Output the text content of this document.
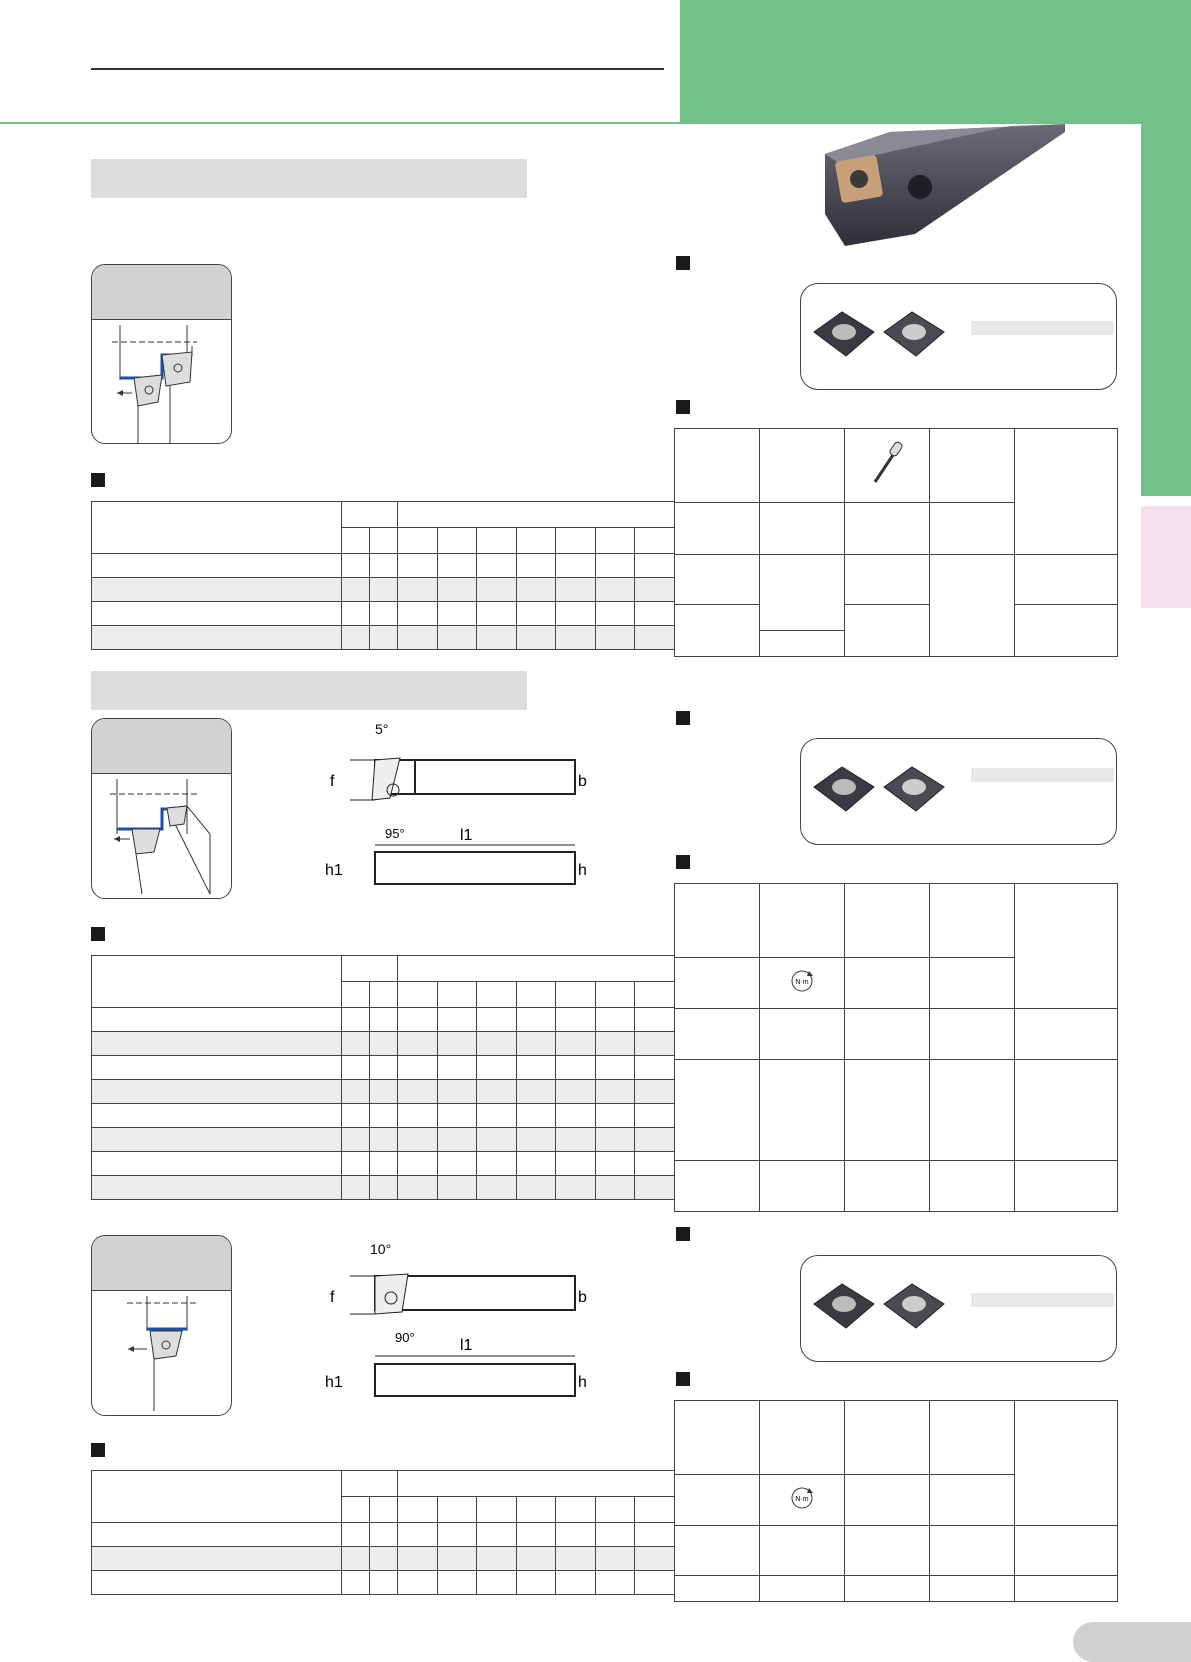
5°
f	b
95°	l1
h1	h

N·m			

10°
f	b
90°	l1
h1	h

N·m			
